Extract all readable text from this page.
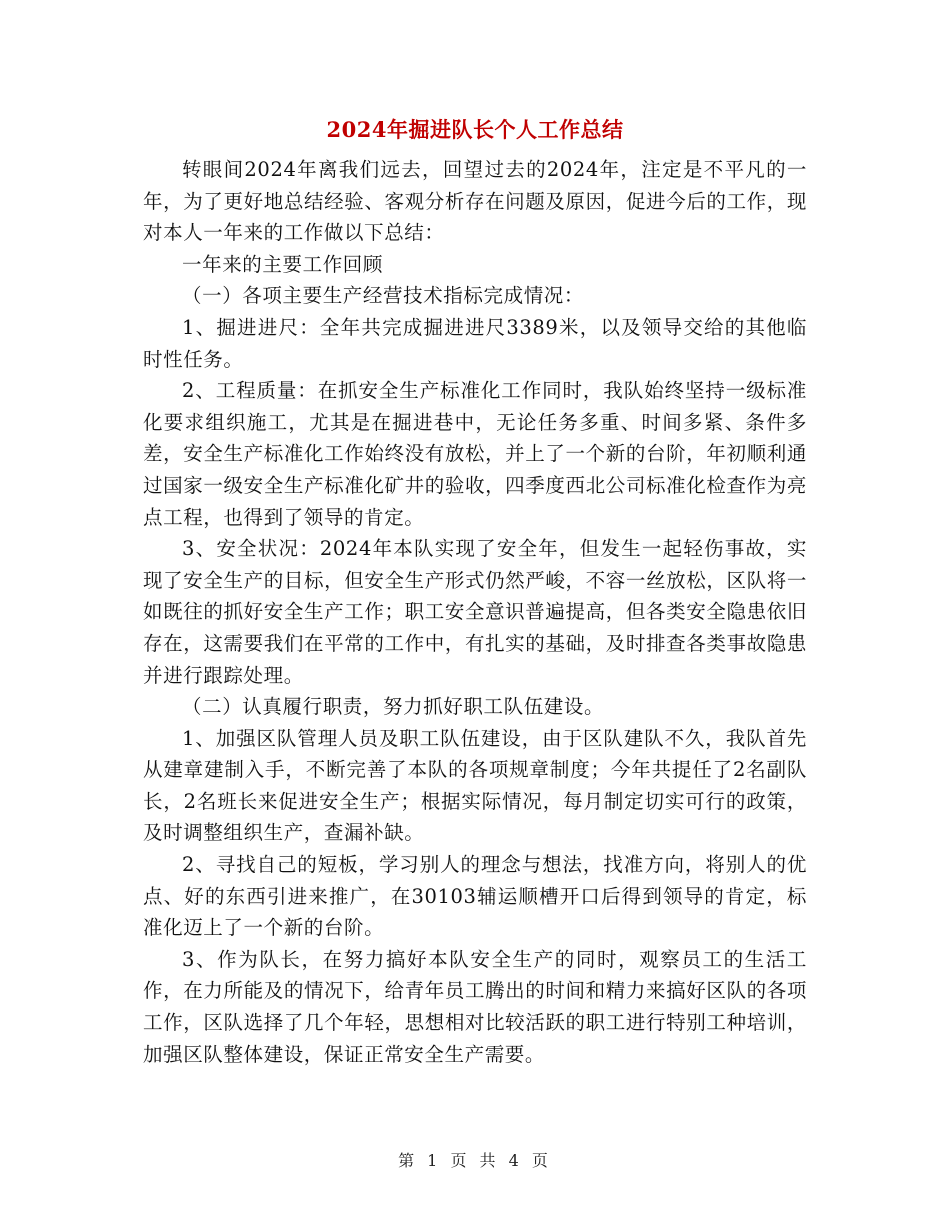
2024年掘进队长个人工作总结

转眼间2024年离我们远去，回望过去的2024年，注定是不平凡的一年，为了更好地总结经验、客观分析存在问题及原因，促进今后的工作，现对本人一年来的工作做以下总结：

一年来的主要工作回顾

（一）各项主要生产经营技术指标完成情况：

1、掘进进尺：全年共完成掘进进尺3389米，以及领导交给的其他临时性任务。

2、工程质量：在抓安全生产标准化工作同时，我队始终坚持一级标准化要求组织施工，尤其是在掘进巷中，无论任务多重、时间多紧、条件多差，安全生产标准化工作始终没有放松，并上了一个新的台阶，年初顺利通过国家一级安全生产标准化矿井的验收，四季度西北公司标准化检查作为亮点工程，也得到了领导的肯定。

3、安全状况：2024年本队实现了安全年，但发生一起轻伤事故，实现了安全生产的目标，但安全生产形式仍然严峻，不容一丝放松，区队将一如既往的抓好安全生产工作；职工安全意识普遍提高，但各类安全隐患依旧存在，这需要我们在平常的工作中，有扎实的基础，及时排查各类事故隐患并进行跟踪处理。

（二）认真履行职责，努力抓好职工队伍建设。

1、加强区队管理人员及职工队伍建设，由于区队建队不久，我队首先从建章建制入手，不断完善了本队的各项规章制度；今年共提任了2名副队长，2名班长来促进安全生产；根据实际情况，每月制定切实可行的政策，及时调整组织生产，查漏补缺。

2、寻找自己的短板，学习别人的理念与想法，找准方向，将别人的优点、好的东西引进来推广，在30103辅运顺槽开口后得到领导的肯定，标准化迈上了一个新的台阶。

3、作为队长，在努力搞好本队安全生产的同时，观察员工的生活工作，在力所能及的情况下，给青年员工腾出的时间和精力来搞好区队的各项工作，区队选择了几个年轻，思想相对比较活跃的职工进行特别工种培训，加强区队整体建设，保证正常安全生产需要。

第 1 页 共 4 页
